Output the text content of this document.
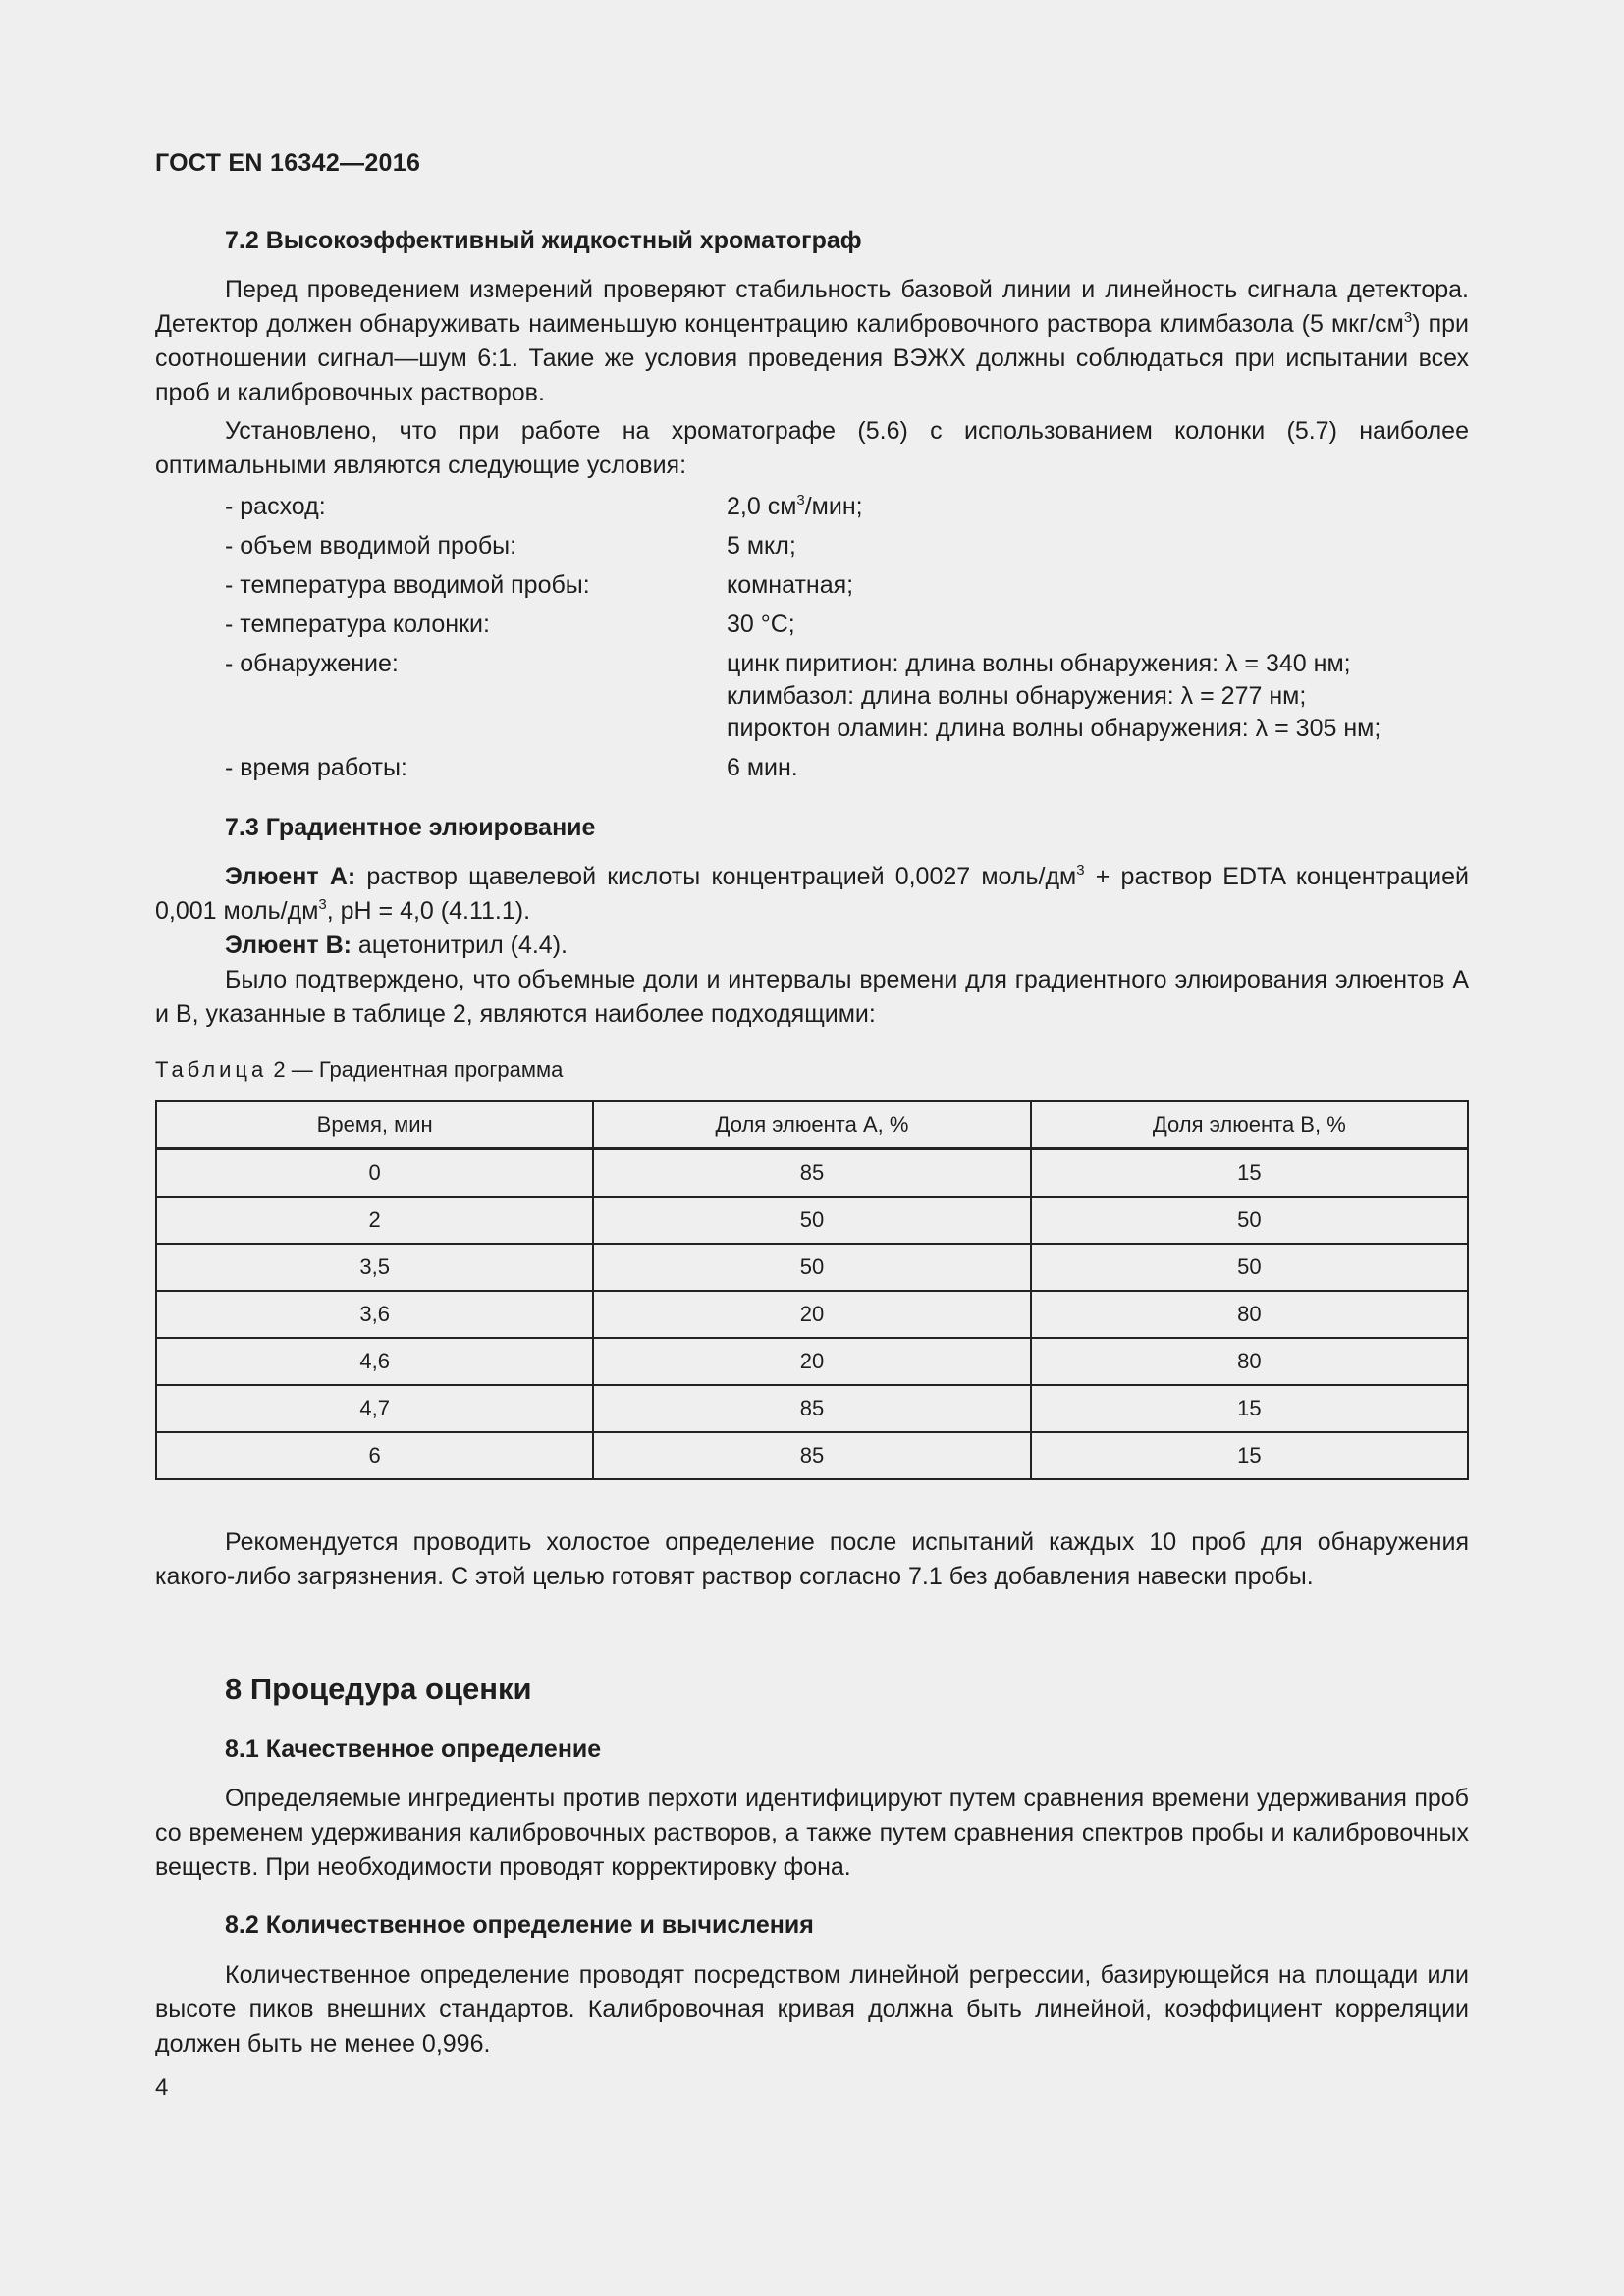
ГОСТ EN 16342—2016
7.2 Высокоэффективный жидкостный хроматограф

Перед проведением измерений проверяют стабильность базовой линии и линейность сигнала детектора. Детектор должен обнаруживать наименьшую концентрацию калибровочного раствора климбазола (5 мкг/$см^3$) при соотношении сигнал—шум 6:1. Такие же условия проведения ВЭЖХ должны соблюдаться при испытании всех проб и калибровочных растворов.

Установлено, что при работе на хроматографе (5.6) с использованием колонки (5.7) наиболее оптимальными являются следующие условия:

- расход:	2,0 $см^3$/мин;
- объем вводимой пробы:	5 мкл;
- температура вводимой пробы:	комнатная;
- температура колонки:	30 °C;
- обнаружение:	цинк пиритион: длина волны обнаружения: λ = 340 нм;
климбазол: длина волны обнаружения: λ = 277 нм;
пироктон оламин: длина волны обнаружения: λ = 305 нм;
- время работы:	6 мин.
7.3 Градиентное элюирование

Элюент А: раствор щавелевой кислоты концентрацией 0,0027 моль/$дм^3$ + раствор EDTA концентрацией 0,001 моль/$дм^3$, pH = 4,0 (4.11.1).

Элюент В: ацетонитрил (4.4).

Было подтверждено, что объемные доли и интервалы времени для градиентного элюирования элюентов А и В, указанные в таблице 2, являются наиболее подходящими:

Таблица 2 — Градиентная программа
Время, мин	Доля элюента А, %	Доля элюента В, %
0	85	15
2	50	50
3,5	50	50
3,6	20	80
4,6	20	80
4,7	85	15
6	85	15

Рекомендуется проводить холостое определение после испытаний каждых 10 проб для обнаружения какого-либо загрязнения. С этой целью готовят раствор согласно 7.1 без добавления навески пробы.

8 Процедура оценки
8.1 Качественное определение

Определяемые ингредиенты против перхоти идентифицируют путем сравнения времени удерживания проб со временем удерживания калибровочных растворов, а также путем сравнения спектров пробы и калибровочных веществ. При необходимости проводят корректировку фона.

8.2 Количественное определение и вычисления

Количественное определение проводят посредством линейной регрессии, базирующейся на площади или высоте пиков внешних стандартов. Калибровочная кривая должна быть линейной, коэффициент корреляции должен быть не менее 0,996.

4
